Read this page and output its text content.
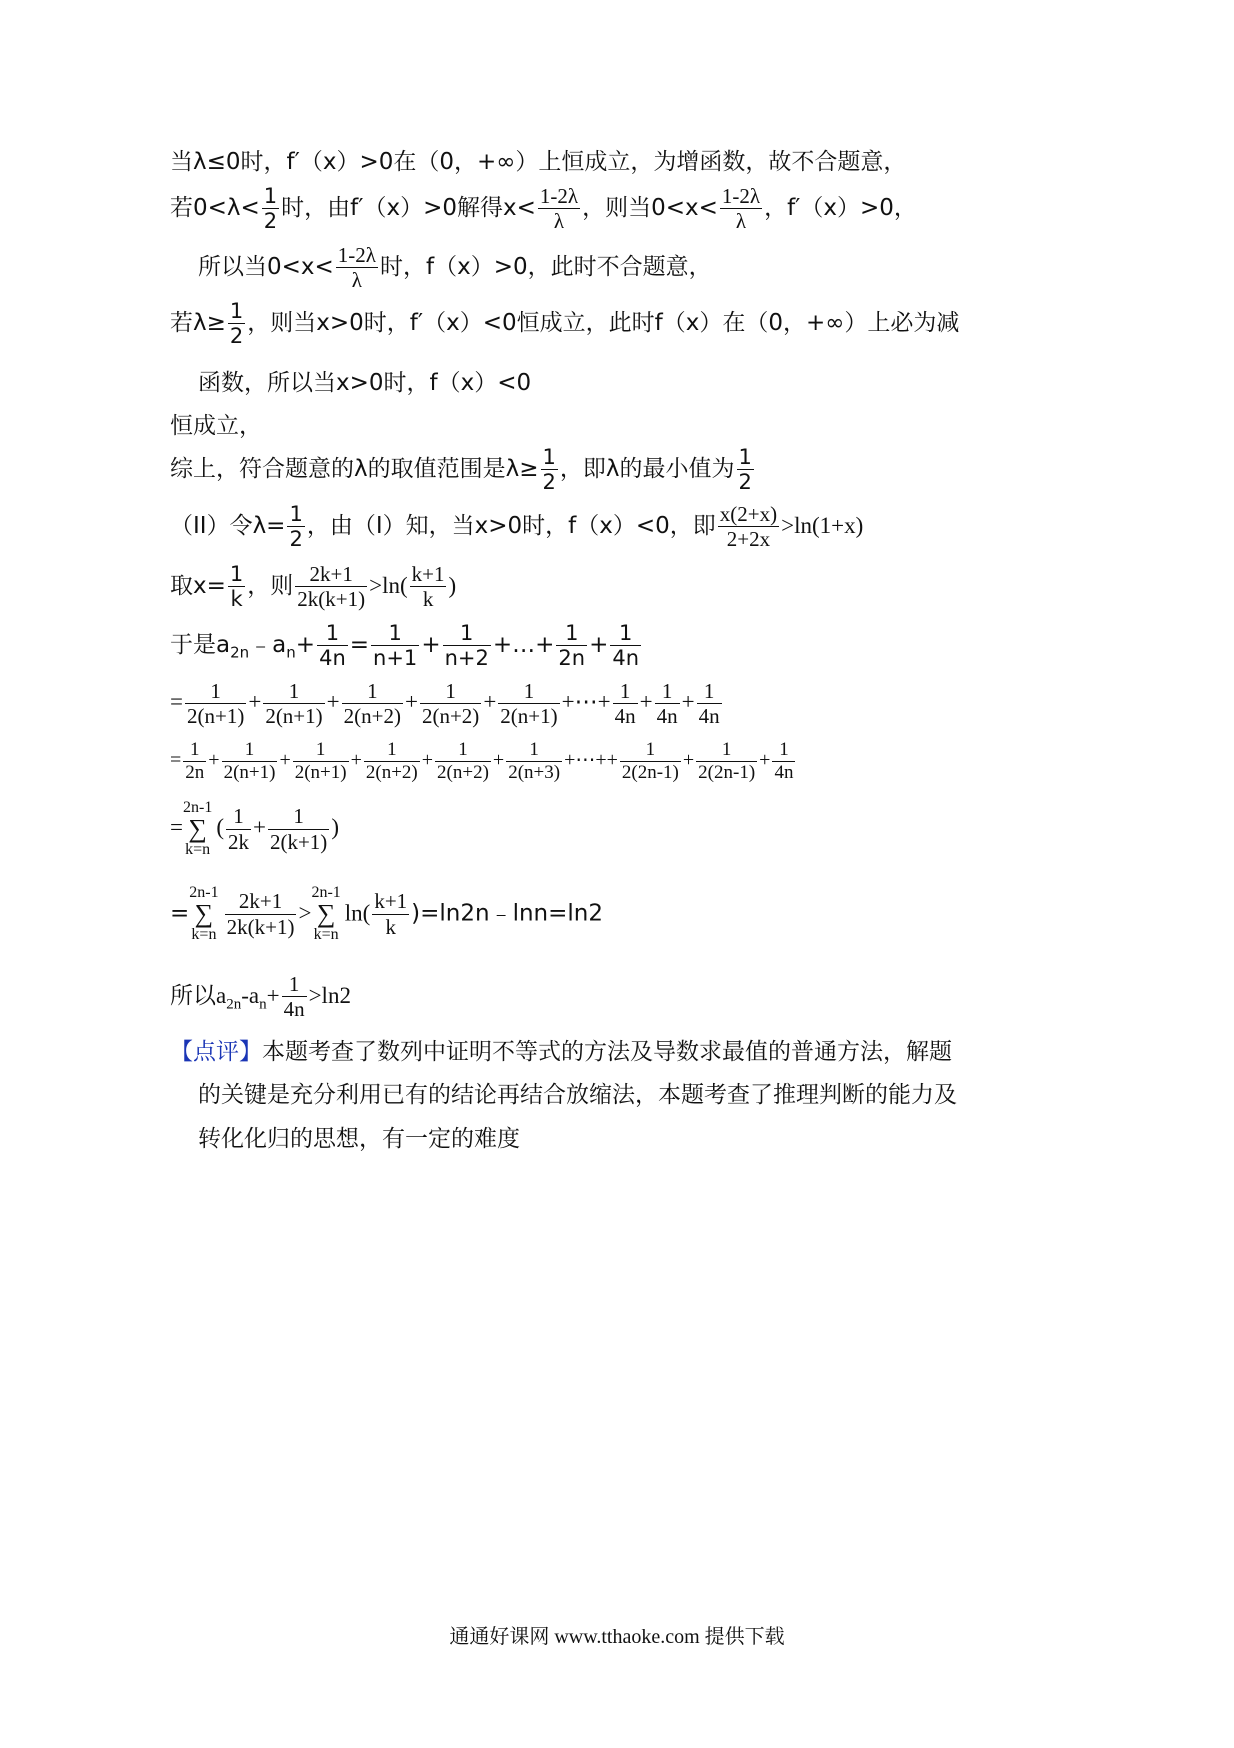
当λ≤0时，f′（x）>0在（0，+∞）上恒成立，为增函数，故不合题意，
若$0<\lambda< \frac{1}{2}$ 时，由f′（x）>0解得$x< \frac{1-2\lambda}{\lambda}$ ，则当$0<x< \frac{1-2\lambda}{\lambda}$ ，f′（x）>0，
所以当$0<x< \frac{1-2\lambda}{\lambda}$ 时，f（x）>0，此时不合题意，
若$\lambda\ge \frac{1}{2}$ ，则当x>0时，f′（x）<0恒成立，此时f（x）在（0，+∞）上必为减
函数，所以当x>0时，f（x）<0
恒成立，
综上，符合题意的λ的取值范围是$\lambda\ge \frac{1}{2}$ ，即λ的最小值为 $\frac{1}{2}$
（II）令$\lambda= \frac{1}{2}$ ，由（I）知，当x>0时，f（x）<0，即 $\frac{x(2+x)}{2+2x} >\ln(1+x)$
取$x= \frac{1}{k}$ ，则 $\frac{2k+1}{2k(k+1)} >\ln( \frac{k+1}{k}$ )
于是$a_{2n}﹣a_n+ \frac{1}{4n} = \frac{1}{n+1} + \frac{1}{n+2}$ +…+ $\frac{1}{2n} + \frac{1}{4n}$
= $\frac{1}{2(n+1)} + \frac{1}{2(n+1)} + \frac{1}{2(n+2)} + \frac{1}{2(n+2)} + \frac{1}{2(n+1)}$ +⋯+ $\frac{1}{4n} + \frac{1}{4n} + \frac{1}{4n}$
= $\frac{1}{2n} + \frac{1}{2(n+1)} + \frac{1}{2(n+1)} + \frac{1}{2(n+2)} + \frac{1}{2(n+2)} + \frac{1}{2(n+3)}$ +⋯++ $\frac{1}{2(2n-1)} + \frac{1}{2(2n-1)} + \frac{1}{4n}$
=
2n-1
∑
k=n
( $\frac{1}{2k} + \frac{1}{2(k+1)}$ )
=
2n-1
∑
$k=n \frac{2k+1}{2k(k+1)}$ >
2n-1
∑
k=n
$\ln( \frac{k+1}{k}$ )=ln2n﹣lnn=ln2
所以$a_{2n}-a_n+ \frac{1}{4n} >\ln 2$
【点评】本题考查了数列中证明不等式的方法及导数求最值的普通方法，解题
的关键是充分利用已有的结论再结合放缩法，本题考查了推理判断的能力及
转化化归的思想，有一定的难度
通通好课网 www.tthaoke.com 提供下载
